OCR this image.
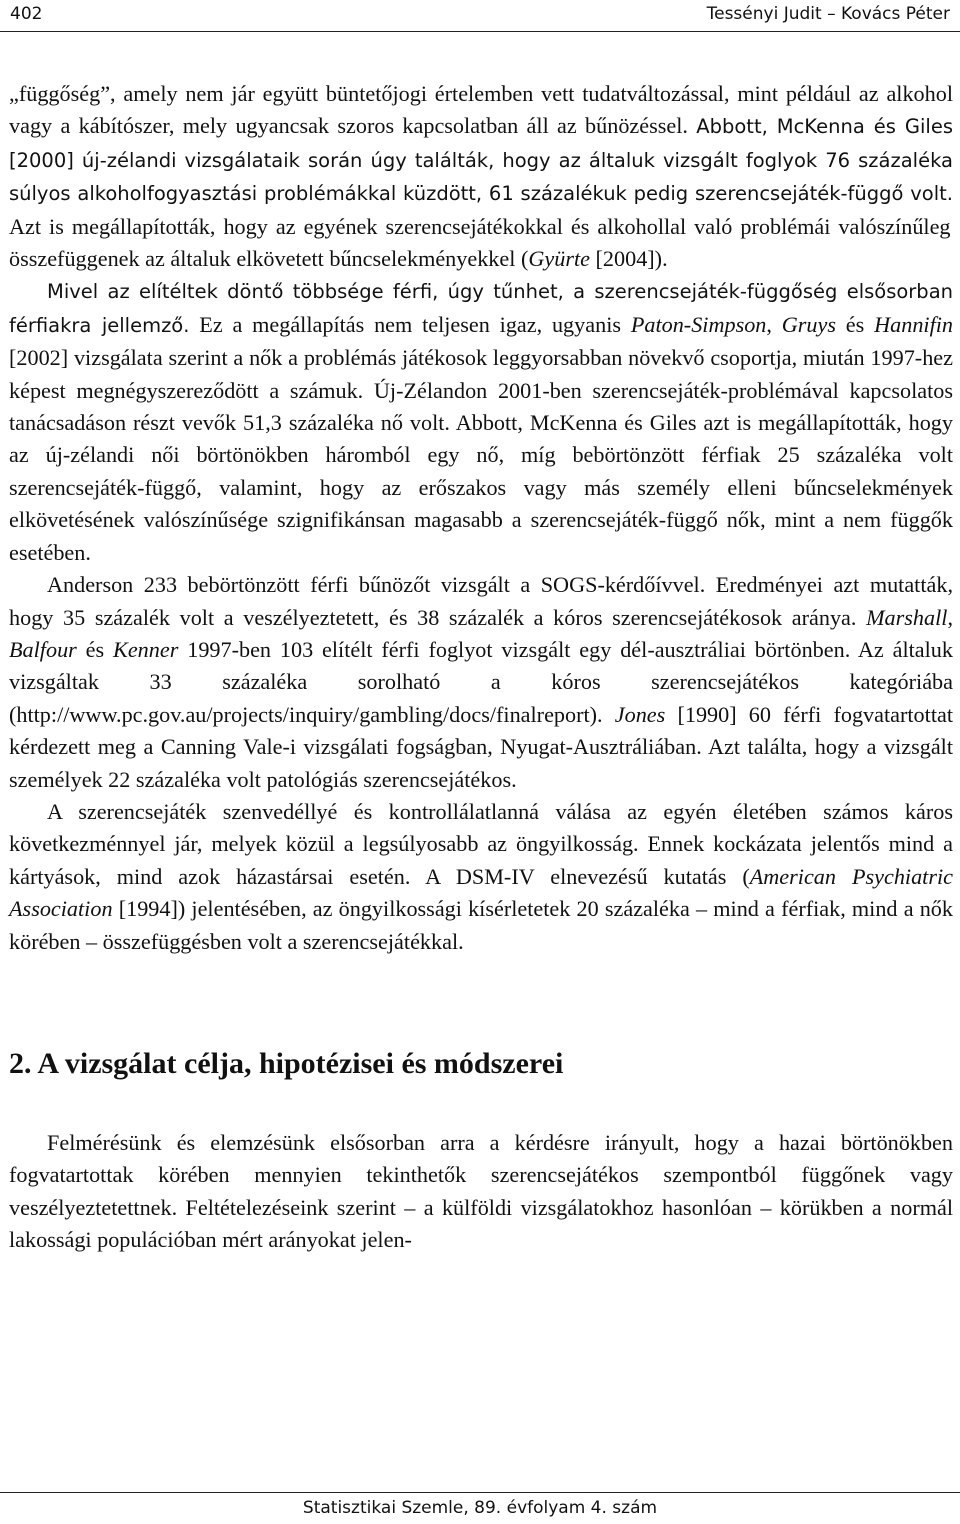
402	Tessényi Judit – Kovács Péter

„függőség”, amely nem jár együtt büntetőjogi értelemben vett tudatváltozással, mint például az alkohol vagy a kábítószer, mely ugyancsak szoros kapcsolatban áll az bűnözéssel. Abbott, McKenna és Giles [2000] új-zélandi vizsgálataik során úgy találták, hogy az általuk vizsgált foglyok 76 százaléka súlyos alkoholfogyasztási problémákkal küzdött, 61 százalékuk pedig szerencsejáték-függő volt. Azt is megállapították, hogy az egyének szerencsejátékokkal és alkohollal való problémái valószínűleg összefüggenek az általuk elkövetett bűncselekményekkel (Gyürte [2004]).

Mivel az elítéltek döntő többsége férfi, úgy tűnhet, a szerencsejáték-függőség elsősorban férfiakra jellemző. Ez a megállapítás nem teljesen igaz, ugyanis Paton-Simpson, Gruys és Hannifin [2002] vizsgálata szerint a nők a problémás játékosok leggyorsabban növekvő csoportja, miután 1997-hez képest megnégyszereződött a számuk. Új-Zélandon 2001-ben szerencsejáték-problémával kapcsolatos tanácsadáson részt vevők 51,3 százaléka nő volt. Abbott, McKenna és Giles azt is megállapították, hogy az új-zélandi női börtönökben háromból egy nő, míg bebörtönzött férfiak 25 százaléka volt szerencsejáték-függő, valamint, hogy az erőszakos vagy más személy elleni bűncselekmények elkövetésének valószínűsége szignifikánsan magasabb a szerencsejáték-függő nők, mint a nem függők esetében.

Anderson 233 bebörtönzött férfi bűnözőt vizsgált a SOGS-kérdőívvel. Eredményei azt mutatták, hogy 35 százalék volt a veszélyeztetett, és 38 százalék a kóros szerencsejátékosok aránya. Marshall, Balfour és Kenner 1997-ben 103 elítélt férfi foglyot vizsgált egy dél-ausztráliai börtönben. Az általuk vizsgáltak 33 százaléka sorolható a kóros szerencsejátékos kategóriába (http://www.pc.gov.au/projects/inquiry/gambling/docs/finalreport). Jones [1990] 60 férfi fogvatartottat kérdezett meg a Canning Vale-i vizsgálati fogságban, Nyugat-Ausztráliában. Azt találta, hogy a vizsgált személyek 22 százaléka volt patológiás szerencsejátékos.

A szerencsejáték szenvedéllyé és kontrollálatlanná válása az egyén életében számos káros következménnyel jár, melyek közül a legsúlyosabb az öngyilkosság. Ennek kockázata jelentős mind a kártyások, mind azok házastársai esetén. A DSM-IV elnevezésű kutatás (American Psychiatric Association [1994]) jelentésében, az öngyilkossági kísérletetek 20 százaléka – mind a férfiak, mind a nők körében – összefüggésben volt a szerencsejátékkal.

2. A vizsgálat célja, hipotézisei és módszerei

Felmérésünk és elemzésünk elsősorban arra a kérdésre irányult, hogy a hazai börtönökben fogvatartottak körében mennyien tekinthetők szerencsejátékos szempontból függőnek vagy veszélyeztetettnek. Feltételezéseink szerint – a külföldi vizsgálatokhoz hasonlóan – körükben a normál lakossági populációban mért arányokat jelen-

Statisztikai Szemle, 89. évfolyam 4. szám
